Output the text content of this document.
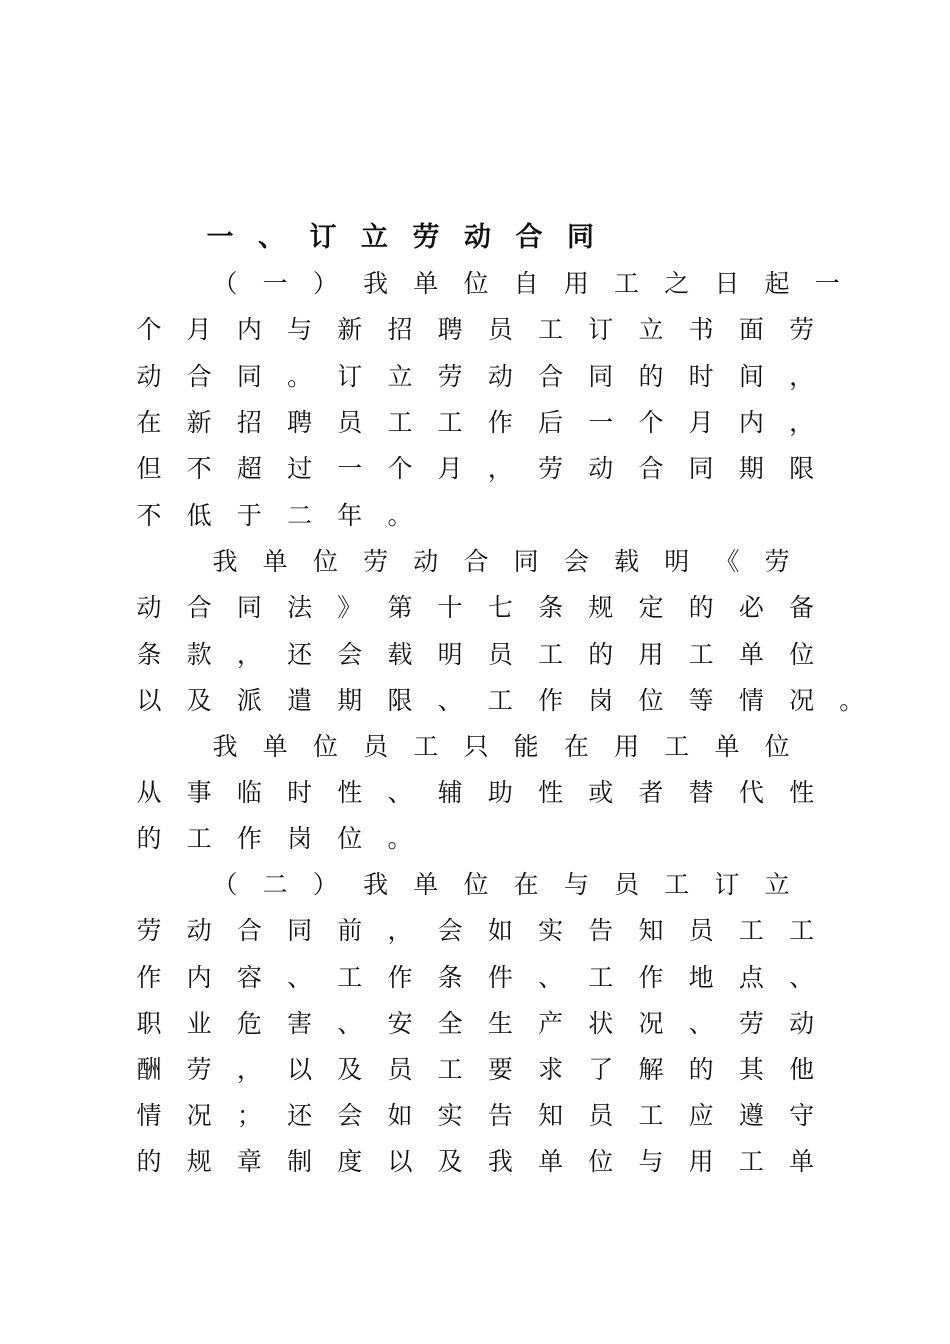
一 、 订 立 劳 动 合 同
（	一	）	我	单	位	自	用	工	之	日	起	一
个	月	内	与	新	招	聘	员	工	订	立	书	面	劳
动	合	同	。	订	立	劳	动	合	同	的	时	间	，
在	新	招	聘	员	工	工	作	后	一	个	月	内	，
但	不	超	过	一	个	月	，	劳	动	合	同	期	限
不	低	于	二	年	。
我	单	位	劳	动	合	同	会	载	明	《	劳
动	合	同	法	》	第	十	七	条	规	定	的	必	备
条	款	，	还	会	载	明	员	工	的	用	工	单	位
以	及	派	遣	期	限	、	工	作	岗	位	等	情	况	。
我	单	位	员	工	只	能	在	用	工	单	位
从	事	临	时	性	、	辅	助	性	或	者	替	代	性
的	工	作	岗	位	。
（	二	）	我	单	位	在	与	员	工	订	立
劳	动	合	同	前	，	会	如	实	告	知	员	工	工
作	内	容	、	工	作	条	件	、	工	作	地	点	、
职	业	危	害	、	安	全	生	产	状	况	、	劳	动
酬	劳	，	以	及	员	工	要	求	了	解	的	其	他
情	况	；	还	会	如	实	告	知	员	工	应	遵	守
的	规	章	制	度	以	及	我	单	位	与	用	工	单
